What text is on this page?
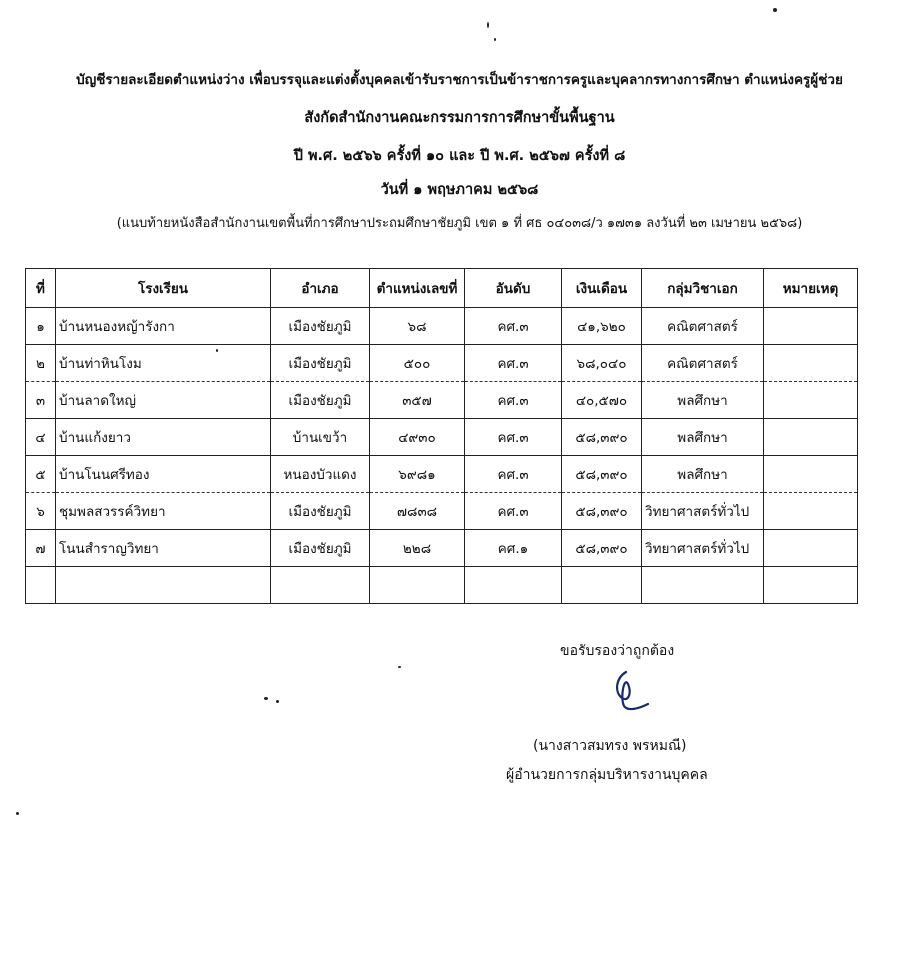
บัญชีรายละเอียดตำแหน่งว่าง เพื่อบรรจุและแต่งตั้งบุคคลเข้ารับราชการเป็นข้าราชการครูและบุคลากรทางการศึกษา ตำแหน่งครูผู้ช่วย
สังกัดสำนักงานคณะกรรมการการศึกษาขั้นพื้นฐาน
ปี พ.ศ. ๒๕๖๖ ครั้งที่ ๑๐ และ ปี พ.ศ. ๒๕๖๗ ครั้งที่ ๘
วันที่ ๑ พฤษภาคม ๒๕๖๘
(แนบท้ายหนังสือสำนักงานเขตพื้นที่การศึกษาประถมศึกษาชัยภูมิ เขต ๑ ที่ ศธ ๐๔๐๓๘/ว ๑๗๓๑ ลงวันที่ ๒๓ เมษายน ๒๕๖๘)
ที่	โรงเรียน	อำเภอ	ตำแหน่งเลขที่	อันดับ	เงินเดือน	กลุ่มวิชาเอก	หมายเหตุ
๑	บ้านหนองหญ้ารังกา	เมืองชัยภูมิ	๖๘	คศ.๓	๔๑,๖๒๐	คณิตศาสตร์	
๒	บ้านท่าหินโงม	เมืองชัยภูมิ	๕๐๐	คศ.๓	๖๘,๐๔๐	คณิตศาสตร์	
๓	บ้านลาดใหญ่	เมืองชัยภูมิ	๓๕๗	คศ.๓	๔๐,๕๗๐	พลศึกษา	
๔	บ้านแก้งยาว	บ้านเขว้า	๔๙๓๐	คศ.๓	๕๘,๓๙๐	พลศึกษา	
๕	บ้านโนนศรีทอง	หนองบัวแดง	๖๙๘๑	คศ.๓	๕๘,๓๙๐	พลศึกษา	
๖	ชุมพลสวรรค์วิทยา	เมืองชัยภูมิ	๗๘๓๘	คศ.๓	๕๘,๓๙๐	วิทยาศาสตร์ทั่วไป	
๗	โนนสำราญวิทยา	เมืองชัยภูมิ	๒๒๘	คศ.๑	๕๘,๓๙๐	วิทยาศาสตร์ทั่วไป	

ขอรับรองว่าถูกต้อง
(นางสาวสมทรง พรหมณี)
ผู้อำนวยการกลุ่มบริหารงานบุคคล
